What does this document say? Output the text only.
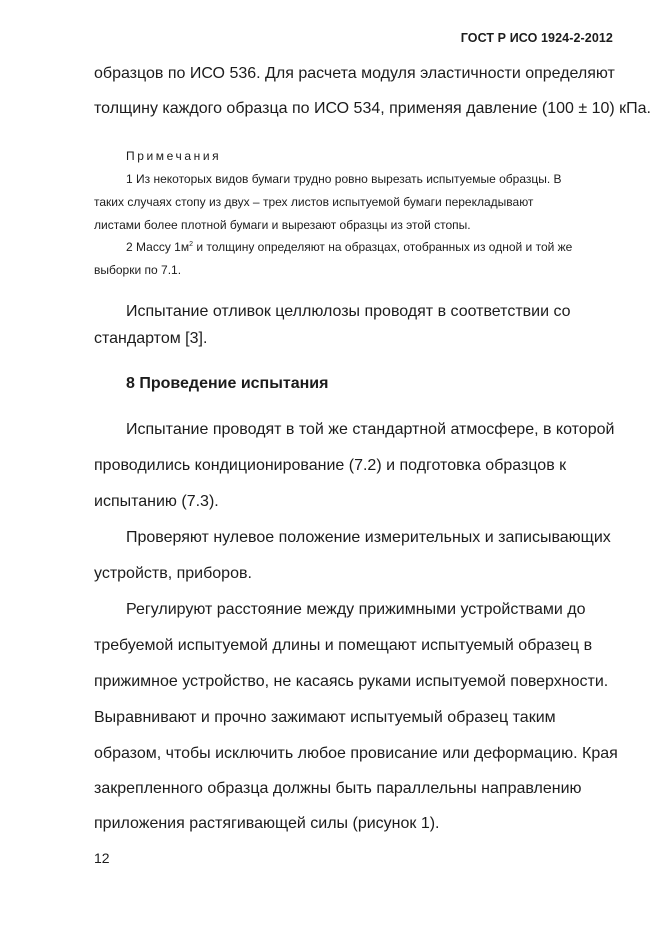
ГОСТ Р ИСО 1924-2-2012
образцов по ИСО 536. Для расчета модуля эластичности определяют
толщину каждого образца по ИСО 534, применяя давление (100 ± 10) кПа.
Примечания
1 Из некоторых видов бумаги трудно ровно вырезать испытуемые образцы. В
таких случаях стопу из двух – трех листов испытуемой бумаги перекладывают
листами более плотной бумаги и вырезают образцы из этой стопы.
2 Массу $1м^2$ и толщину определяют на образцах, отобранных из одной и той же
выборки по 7.1.
Испытание отливок целлюлозы проводят в соответствии со
стандартом [3].
8 Проведение испытания
Испытание проводят в той же стандартной атмосфере, в которой
проводились кондиционирование (7.2) и подготовка образцов к
испытанию (7.3).
Проверяют нулевое положение измерительных и записывающих
устройств, приборов.
Регулируют расстояние между прижимными устройствами до
требуемой испытуемой длины и помещают испытуемый образец в
прижимное устройство, не касаясь руками испытуемой поверхности.
Выравнивают и прочно зажимают испытуемый образец таким
образом, чтобы исключить любое провисание или деформацию. Края
закрепленного образца должны быть параллельны направлению
приложения растягивающей силы (рисунок 1).
12
